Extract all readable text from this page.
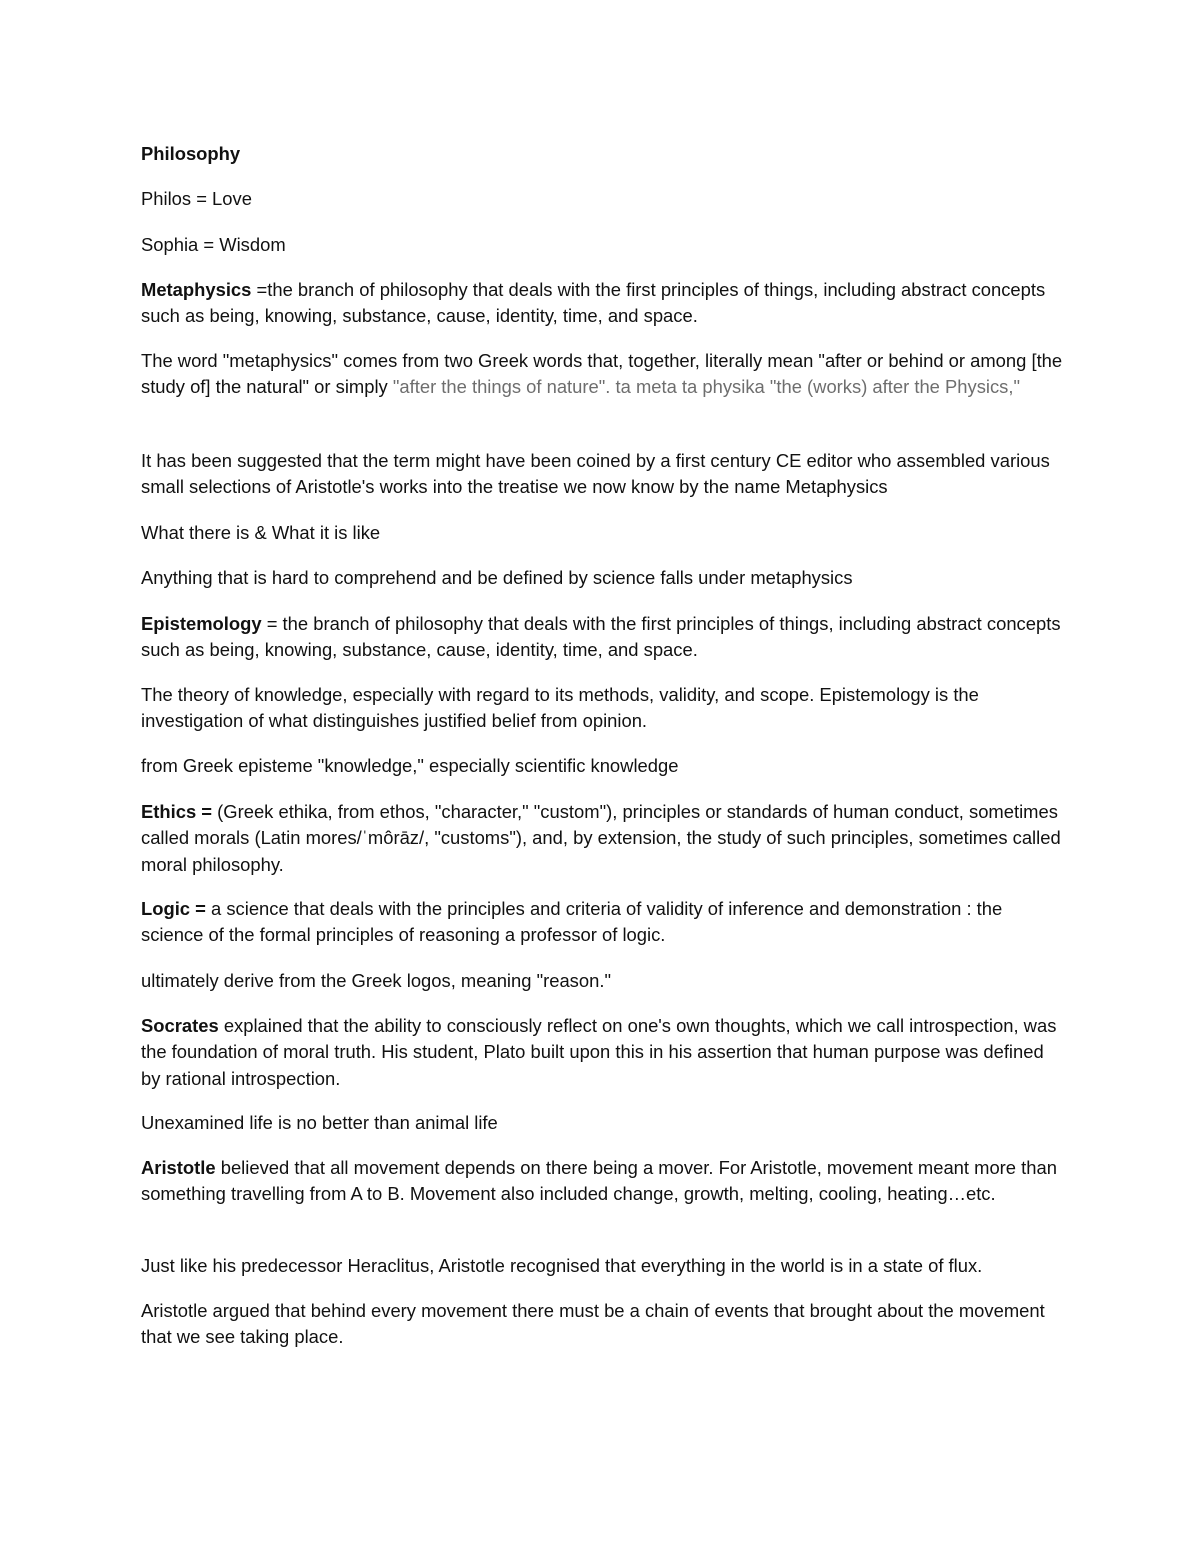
Philosophy

Philos = Love

Sophia = Wisdom

Metaphysics =the branch of philosophy that deals with the first principles of things, including abstract concepts such as being, knowing, substance, cause, identity, time, and space.

The word "metaphysics" comes from two Greek words that, together, literally mean "after or behind or among [the study of] the natural" or simply "after the things of nature". ta meta ta physika "the (works) after the Physics,"

It has been suggested that the term might have been coined by a first century CE editor who assembled various small selections of Aristotle's works into the treatise we now know by the name Metaphysics

What there is & What it is like

Anything that is hard to comprehend and be defined by science falls under metaphysics

Epistemology = the branch of philosophy that deals with the first principles of things, including abstract concepts such as being, knowing, substance, cause, identity, time, and space.

The theory of knowledge, especially with regard to its methods, validity, and scope. Epistemology is the investigation of what distinguishes justified belief from opinion.

from Greek episteme "knowledge," especially scientific knowledge

Ethics = (Greek ethika, from ethos, "character," "custom"), principles or standards of human conduct, sometimes called morals (Latin mores/ˈmôrāz/, "customs"), and, by extension, the study of such principles, sometimes called moral philosophy.

Logic = a science that deals with the principles and criteria of validity of inference and demonstration : the science of the formal principles of reasoning a professor of logic.

ultimately derive from the Greek logos, meaning "reason."

Socrates explained that the ability to consciously reflect on one's own thoughts, which we call introspection, was the foundation of moral truth. His student, Plato built upon this in his assertion that human purpose was defined by rational introspection.

Unexamined life is no better than animal life

Aristotle believed that all movement depends on there being a mover. For Aristotle, movement meant more than something travelling from A to B. Movement also included change, growth, melting, cooling, heating…etc.

Just like his predecessor Heraclitus, Aristotle recognised that everything in the world is in a state of flux.

Aristotle argued that behind every movement there must be a chain of events that brought about the movement that we see taking place.
